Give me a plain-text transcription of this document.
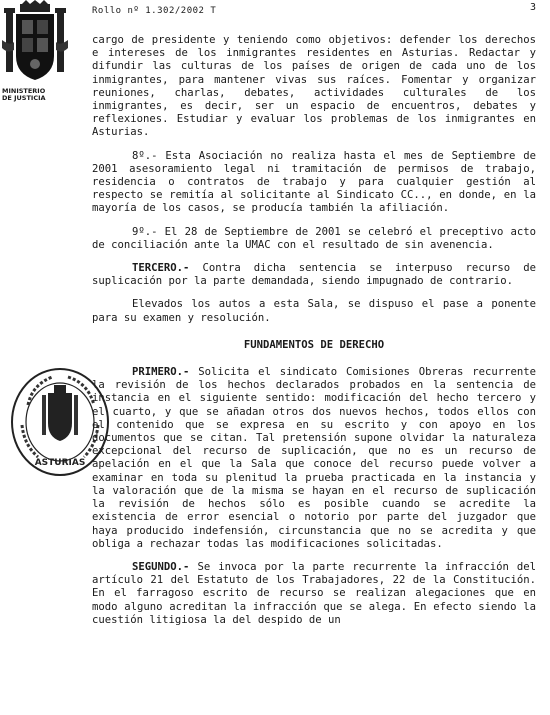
3
Rollo nº 1.302/2002 T
MINISTERIO
DE JUSTICIA
ASTURIAS

cargo de presidente y teniendo como objetivos: defender los derechos e intereses de los inmigrantes residentes en Asturias. Redactar y difundir las culturas de los países de origen de cada uno de los inmigrantes, para mantener vivas sus raíces. Fomentar y organizar reuniones, charlas, debates, actividades culturales de los inmigrantes, es decir, ser un espacio de encuentros, debates y reflexiones. Estudiar y evaluar los problemas de los inmigrantes en Asturias.

8º.- Esta Asociación no realiza hasta el mes de Septiembre de 2001 asesoramiento legal ni tramitación de permisos de trabajo, residencia o contratos de trabajo y para cualquier gestión al respecto se remitía al solicitante al Sindicato CC.., en donde, en la mayoría de los casos, se producía también la afiliación.

9º.- El 28 de Septiembre de 2001 se celebró el preceptivo acto de conciliación ante la UMAC con el resultado de sin avenencia.

TERCERO.- Contra dicha sentencia se interpuso recurso de suplicación por la parte demandada, siendo impugnado de contrario.

Elevados los autos a esta Sala, se dispuso el pase a ponente para su examen y resolución.

FUNDAMENTOS DE DERECHO

PRIMERO.- Solicita el sindicato Comisiones Obreras recurrente la revisión de los hechos declarados probados en la sentencia de instancia en el siguiente sentido: modificación del hecho tercero y el cuarto, y que se añadan otros dos nuevos hechos, todos ellos con el contenido que se expresa en su escrito y con apoyo en los documentos que se citan. Tal pretensión supone olvidar la naturaleza excepcional del recurso de suplicación, que no es un recurso de apelación en el que la Sala que conoce del recurso puede volver a examinar en toda su plenitud la prueba practicada en la instancia y la valoración que de la misma se hayan en el recurso de suplicación la revisión de hechos sólo es posible cuando se acredite la existencia de error esencial o notorio por parte del juzgador que haya producido indefensión, circunstancia que no se acredita y que obliga a rechazar todas las modificaciones solicitadas.

SEGUNDO.- Se invoca por la parte recurrente la infracción del artículo 21 del Estatuto de los Trabajadores, 22 de la Constitución. En el farragoso escrito de recurso se realizan alegaciones que en modo alguno acreditan la infracción que se alega. En efecto siendo la cuestión litigiosa la del despido de un
